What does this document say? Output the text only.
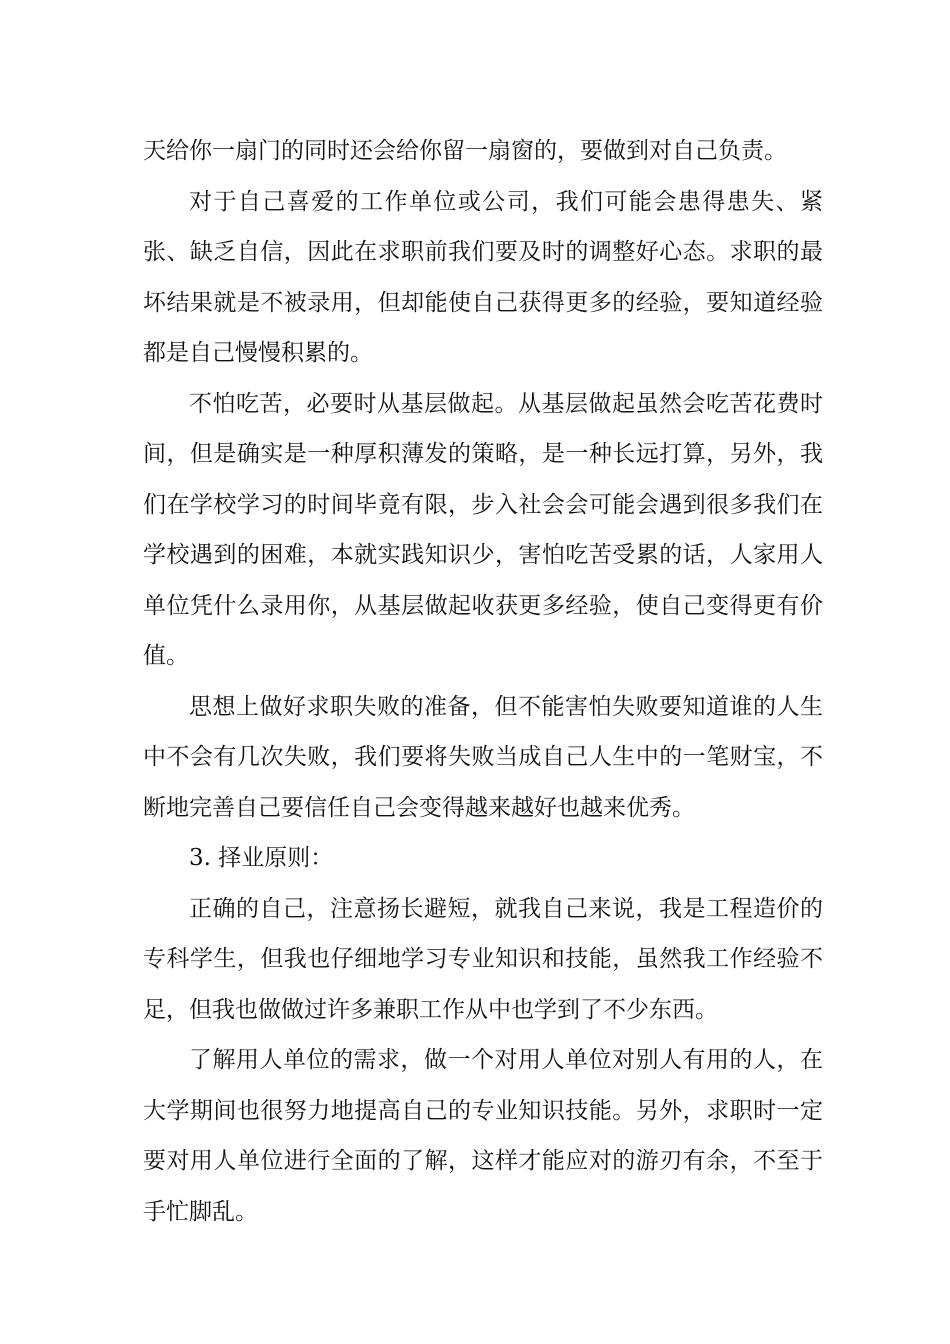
天给你一扇门的同时还会给你留一扇窗的，要做到对自己负责。

对于自己喜爱的工作单位或公司，我们可能会患得患失、紧张、缺乏自信，因此在求职前我们要及时的调整好心态。求职的最坏结果就是不被录用，但却能使自己获得更多的经验，要知道经验都是自己慢慢积累的。

不怕吃苦，必要时从基层做起。从基层做起虽然会吃苦花费时间，但是确实是一种厚积薄发的策略，是一种长远打算，另外，我们在学校学习的时间毕竟有限，步入社会会可能会遇到很多我们在学校遇到的困难，本就实践知识少，害怕吃苦受累的话，人家用人单位凭什么录用你，从基层做起收获更多经验，使自己变得更有价值。

思想上做好求职失败的准备，但不能害怕失败要知道谁的人生中不会有几次失败，我们要将失败当成自己人生中的一笔财宝，不断地完善自己要信任自己会变得越来越好也越来优秀。

3. 择业原则：

正确的自己，注意扬长避短，就我自己来说，我是工程造价的专科学生，但我也仔细地学习专业知识和技能，虽然我工作经验不足，但我也做做过许多兼职工作从中也学到了不少东西。

了解用人单位的需求，做一个对用人单位对别人有用的人，在大学期间也很努力地提高自己的专业知识技能。另外，求职时一定要对用人单位进行全面的了解，这样才能应对的游刃有余，不至于手忙脚乱。
